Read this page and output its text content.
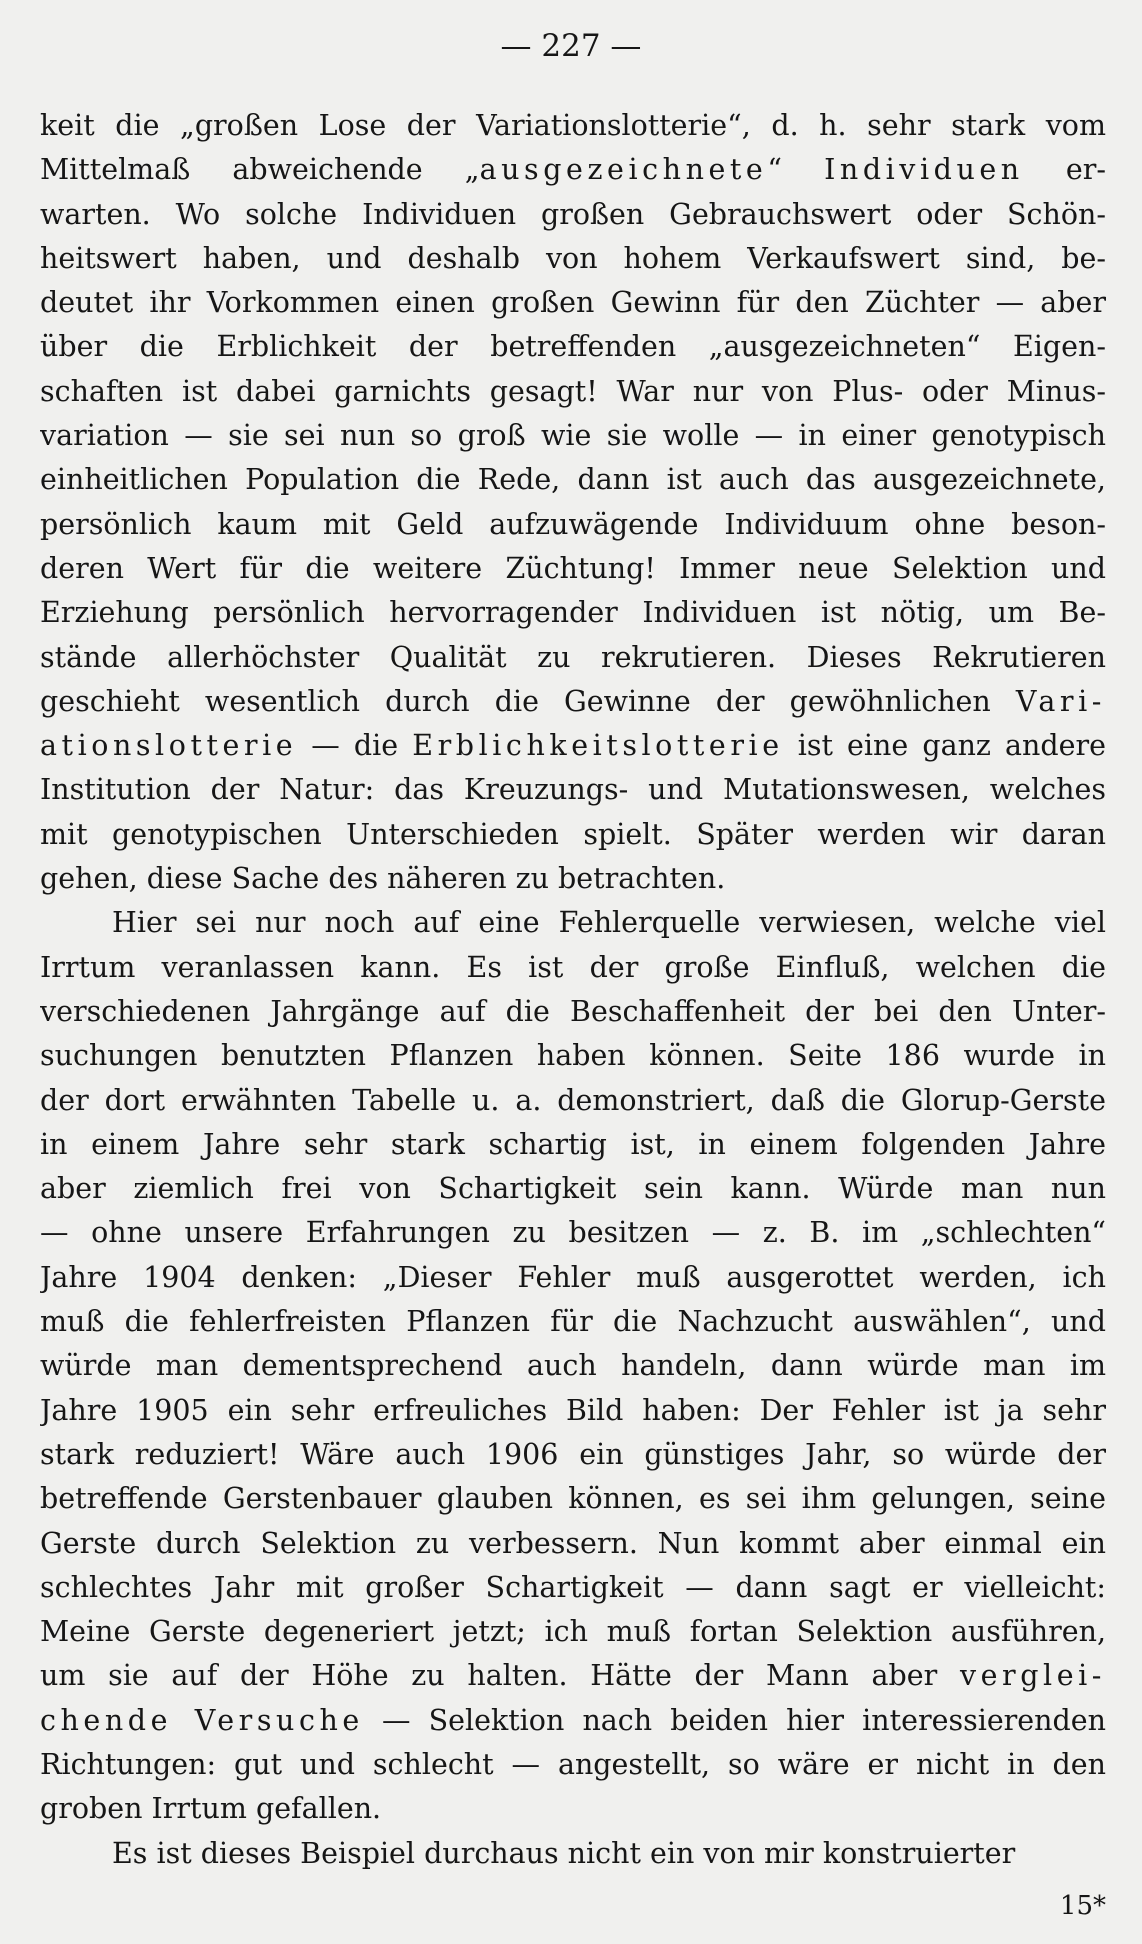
— 227 —
keit die „großen Lose der Variationslotterie“, d. h. sehr stark vom
Mittelmaß abweichende „ausgezeichnete“ Individuen er-
warten. Wo solche Individuen großen Gebrauchswert oder Schön-
heitswert haben, und deshalb von hohem Verkaufswert sind, be-
deutet ihr Vorkommen einen großen Gewinn für den Züchter — aber
über die Erblichkeit der betreffenden „ausgezeichneten“ Eigen-
schaften ist dabei garnichts gesagt! War nur von Plus- oder Minus-
variation — sie sei nun so groß wie sie wolle — in einer genotypisch
einheitlichen Population die Rede, dann ist auch das ausgezeichnete,
persönlich kaum mit Geld aufzuwägende Individuum ohne beson-
deren Wert für die weitere Züchtung! Immer neue Selektion und
Erziehung persönlich hervorragender Individuen ist nötig, um Be-
stände allerhöchster Qualität zu rekrutieren. Dieses Rekrutieren
geschieht wesentlich durch die Gewinne der gewöhnlichen Vari-
ationslotterie — die Erblichkeitslotterie ist eine ganz andere
Institution der Natur: das Kreuzungs- und Mutationswesen, welches
mit genotypischen Unterschieden spielt. Später werden wir daran
gehen, diese Sache des näheren zu betrachten.
Hier sei nur noch auf eine Fehlerquelle verwiesen, welche viel
Irrtum veranlassen kann. Es ist der große Einfluß, welchen die
verschiedenen Jahrgänge auf die Beschaffenheit der bei den Unter-
suchungen benutzten Pflanzen haben können. Seite 186 wurde in
der dort erwähnten Tabelle u. a. demonstriert, daß die Glorup-Gerste
in einem Jahre sehr stark schartig ist, in einem folgenden Jahre
aber ziemlich frei von Schartigkeit sein kann. Würde man nun
— ohne unsere Erfahrungen zu besitzen — z. B. im „schlechten“
Jahre 1904 denken: „Dieser Fehler muß ausgerottet werden, ich
muß die fehlerfreisten Pflanzen für die Nachzucht auswählen“, und
würde man dementsprechend auch handeln, dann würde man im
Jahre 1905 ein sehr erfreuliches Bild haben: Der Fehler ist ja sehr
stark reduziert! Wäre auch 1906 ein günstiges Jahr, so würde der
betreffende Gerstenbauer glauben können, es sei ihm gelungen, seine
Gerste durch Selektion zu verbessern. Nun kommt aber einmal ein
schlechtes Jahr mit großer Schartigkeit — dann sagt er vielleicht:
Meine Gerste degeneriert jetzt; ich muß fortan Selektion ausführen,
um sie auf der Höhe zu halten. Hätte der Mann aber verglei-
chende Versuche — Selektion nach beiden hier interessierenden
Richtungen: gut und schlecht — angestellt, so wäre er nicht in den
groben Irrtum gefallen.
Es ist dieses Beispiel durchaus nicht ein von mir konstruierter
15*
